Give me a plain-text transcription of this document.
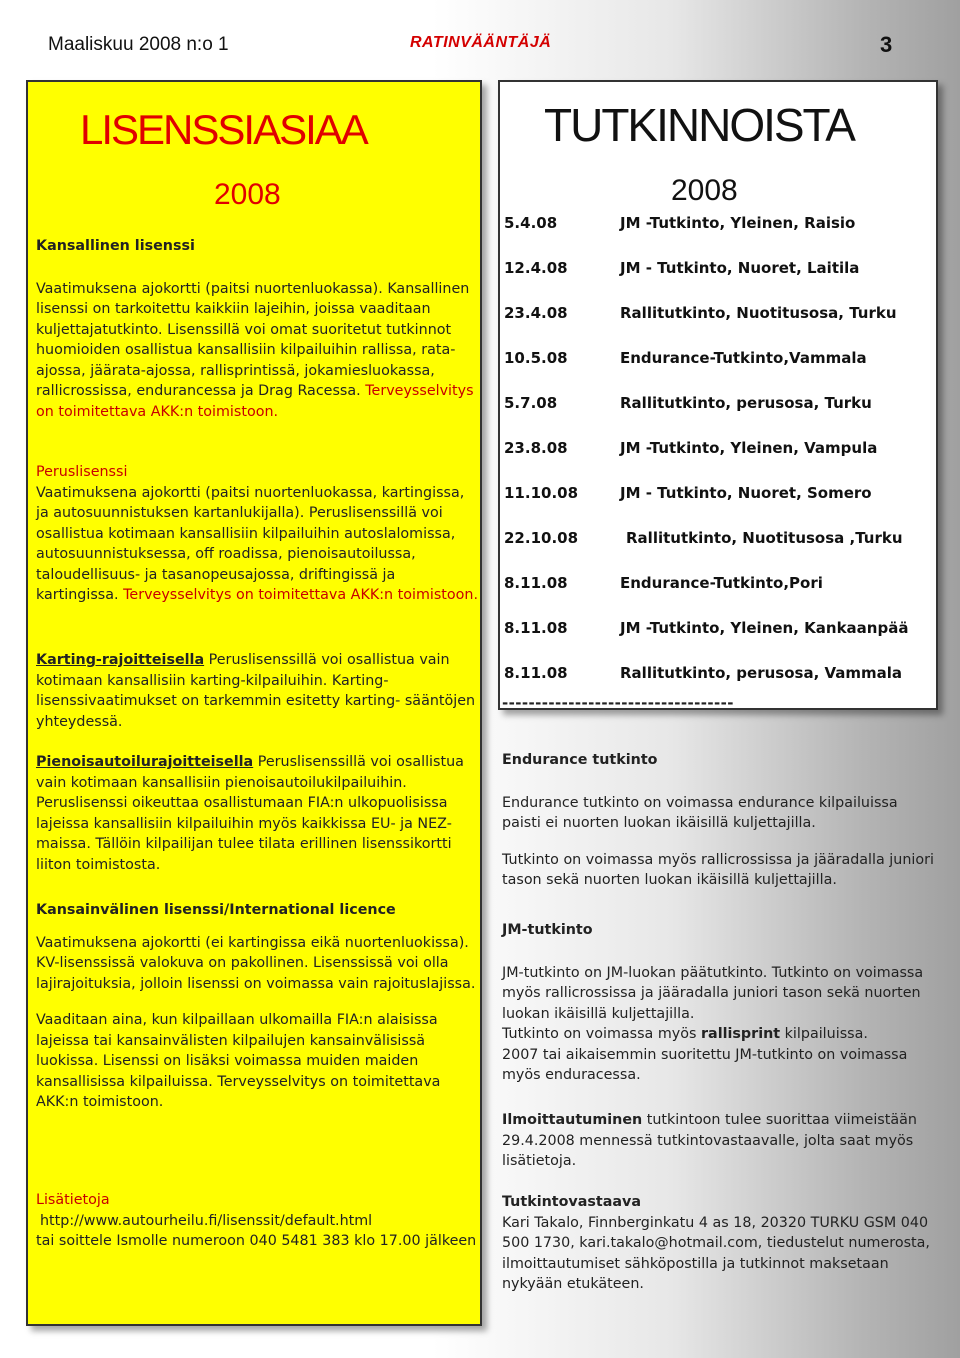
Maaliskuu 2008 n:o 1	RATINVÄÄNTÄJÄ	3
LISENSSIASIAA
2008

Kansallinen lisenssi

Vaatimuksena ajokortti (paitsi nuortenluokassa). Kansallinen lisenssi on tarkoitettu kaikkiin lajeihin, joissa vaaditaan kuljettajatutkinto. Lisenssillä voi omat suoritetut tutkinnot huomioiden osallistua kansallisiin kilpailuihin rallissa, rata-ajossa, jäärata-ajossa, rallisprintissä, jokamiesluokassa, rallicrossissa, endurancessa ja Drag Racessa. Terveysselvitys on toimitettava AKK:n toimistoon.

Peruslisenssi

Vaatimuksena ajokortti (paitsi nuortenluokassa, kartingissa, ja autosuunnistuksen kartanlukijalla). Peruslisenssillä voi osallistua kotimaan kansallisiin kilpailuihin autoslalomissa, autosuunnistuksessa, off roadissa, pienoisautoilussa, taloudellisuus- ja tasanopeusajossa, driftingissä ja kartingissa. Terveysselvitys on toimitettava AKK:n toimistoon.

Karting-rajoitteisella Peruslisenssillä voi osallistua vain kotimaan kansallisiin karting-kilpailuihin. Karting-lisenssivaatimukset on tarkemmin esitetty karting- sääntöjen yhteydessä.

Pienoisautoilurajoitteisella Peruslisenssillä voi osallistua vain kotimaan kansallisiin pienoisautoilukilpailuihin. Peruslisenssi oikeuttaa osallistumaan FIA:n ulkopuolisissa lajeissa kansallisiin kilpailuihin myös kaikkissa EU- ja NEZ-maissa. Tällöin kilpailijan tulee tilata erillinen lisenssikortti liiton toimistosta.

Kansainvälinen lisenssi/International licence

Vaatimuksena ajokortti (ei kartingissa eikä nuortenluokissa). KV-lisenssissä valokuva on pakollinen. Lisenssissä voi olla lajirajoituksia, jolloin lisenssi on voimassa vain rajoituslajissa.

Vaaditaan aina, kun kilpaillaan ulkomailla FIA:n alaisissa lajeissa tai kansainvälisten kilpailujen kansainvälisissä luokissa. Lisenssi on lisäksi voimassa muiden maiden kansallisissa kilpailuissa. Terveysselvitys on toimitettava AKK:n toimistoon.

Lisätietoja

http://www.autourheilu.fi/lisenssit/default.html

tai soittele Ismolle numeroon 040 5481 383 klo 17.00 jälkeen

TUTKINNOISTA
2008
5.4.08	JM -Tutkinto, Yleinen, Raisio
12.4.08	JM - Tutkinto, Nuoret, Laitila
23.4.08	Rallitutkinto, Nuotitusosa, Turku
10.5.08	Endurance-Tutkinto,Vammala
5.7.08	Rallitutkinto, perusosa, Turku
23.8.08	JM -Tutkinto, Yleinen, Vampula
11.10.08	JM - Tutkinto, Nuoret, Somero
22.10.08	Rallitutkinto, Nuotitusosa ,Turku
8.11.08	Endurance-Tutkinto,Pori
8.11.08	JM -Tutkinto, Yleinen, Kankaanpää
8.11.08	Rallitutkinto, perusosa, Vammala
-----------------------------------

Endurance tutkinto

Endurance tutkinto on voimassa endurance kilpailuissa paisti ei nuorten luokan ikäisillä kuljettajilla.

Tutkinto on voimassa myös rallicrossissa ja jääradalla juniori tason sekä nuorten luokan ikäisillä kuljettajilla.

JM-tutkinto

JM-tutkinto on JM-luokan päätutkinto. Tutkinto on voimassa myös rallicrossissa ja jääradalla juniori tason sekä nuorten luokan ikäisillä kuljettajilla.

Tutkinto on voimassa myös rallisprint kilpailuissa.

2007 tai aikaisemmin suoritettu JM-tutkinto on voimassa myös enduracessa.

Ilmoittautuminen tutkintoon tulee suorittaa viimeistään 29.4.2008 mennessä tutkintovastaavalle, jolta saat myös lisätietoja.

Tutkintovastaava

Kari Takalo, Finnberginkatu 4 as 18, 20320 TURKU GSM 040 500 1730, kari.takalo@hotmail.com, tiedustelut numerosta, ilmoittautumiset sähköpostilla ja tutkinnot maksetaan nykyään etukäteen.
